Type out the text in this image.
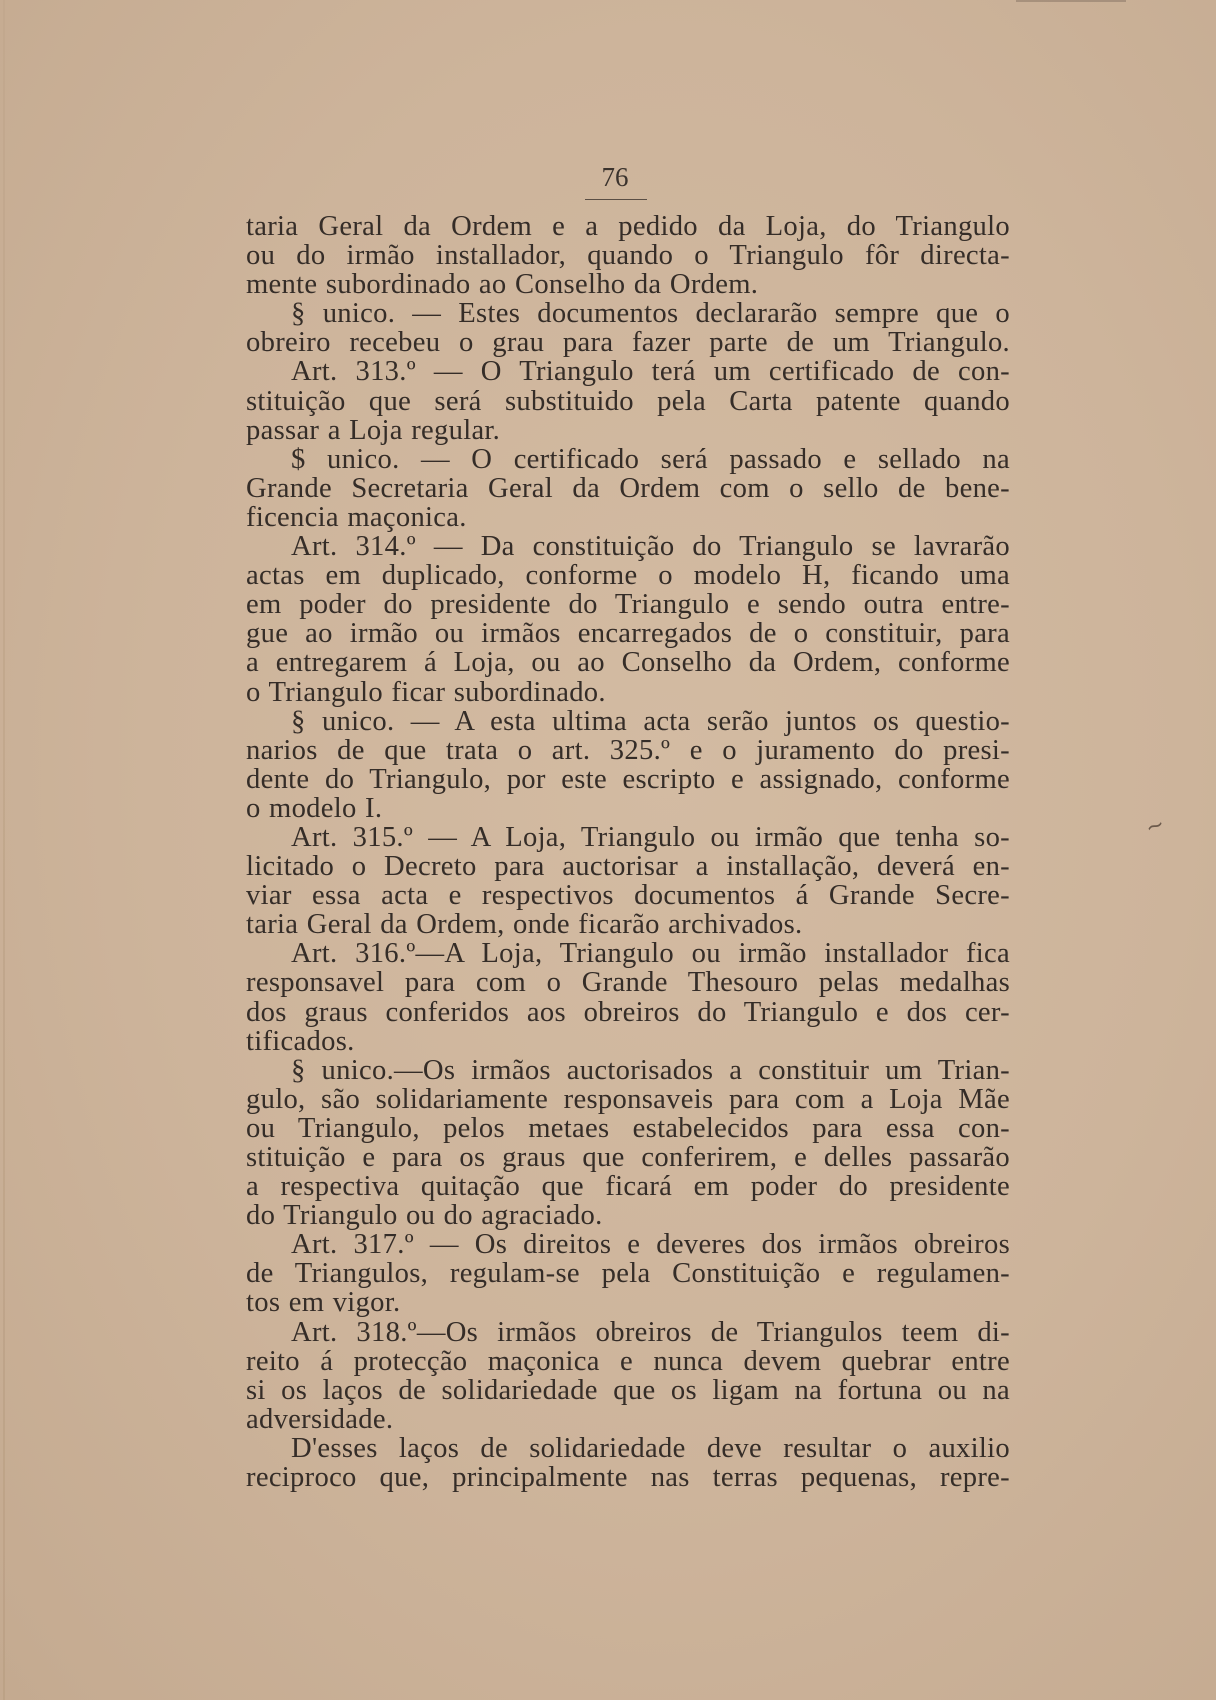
76
taria Geral da Ordem e a pedido da Loja, do Triangulo
ou do irmão installador, quando o Triangulo fôr directa-
mente subordinado ao Conselho da Ordem.
§ unico. — Estes documentos declararão sempre que o
obreiro recebeu o grau para fazer parte de um Triangulo.
Art. 313.º — O Triangulo terá um certificado de con-
stituição que será substituido pela Carta patente quando
passar a Loja regular.
$ unico. — O certificado será passado e sellado na
Grande Secretaria Geral da Ordem com o sello de bene-
ficencia maçonica.
Art. 314.º — Da constituição do Triangulo se lavrarão
actas em duplicado, conforme o modelo H, ficando uma
em poder do presidente do Triangulo e sendo outra entre-
gue ao irmão ou irmãos encarregados de o constituir, para
a entregarem á Loja, ou ao Conselho da Ordem, conforme
o Triangulo ficar subordinado.
§ unico. — A esta ultima acta serão juntos os questio-
narios de que trata o art. 325.º e o juramento do presi-
dente do Triangulo, por este escripto e assignado, conforme
o modelo I.
Art. 315.º — A Loja, Triangulo ou irmão que tenha so-
licitado o Decreto para auctorisar a installação, deverá en-
viar essa acta e respectivos documentos á Grande Secre-
taria Geral da Ordem, onde ficarão archivados.
Art. 316.º—A Loja, Triangulo ou irmão installador fica
responsavel para com o Grande Thesouro pelas medalhas
dos graus conferidos aos obreiros do Triangulo e dos cer-
tificados.
§ unico.—Os irmãos auctorisados a constituir um Trian-
gulo, são solidariamente responsaveis para com a Loja Mãe
ou Triangulo, pelos metaes estabelecidos para essa con-
stituição e para os graus que conferirem, e delles passarão
a respectiva quitação que ficará em poder do presidente
do Triangulo ou do agraciado.
Art. 317.º — Os direitos e deveres dos irmãos obreiros
de Triangulos, regulam-se pela Constituição e regulamen-
tos em vigor.
Art. 318.º—Os irmãos obreiros de Triangulos teem di-
reito á protecção maçonica e nunca devem quebrar entre
si os laços de solidariedade que os ligam na fortuna ou na
adversidade.
D'esses laços de solidariedade deve resultar o auxilio
reciproco que, principalmente nas terras pequenas, repre-
~
